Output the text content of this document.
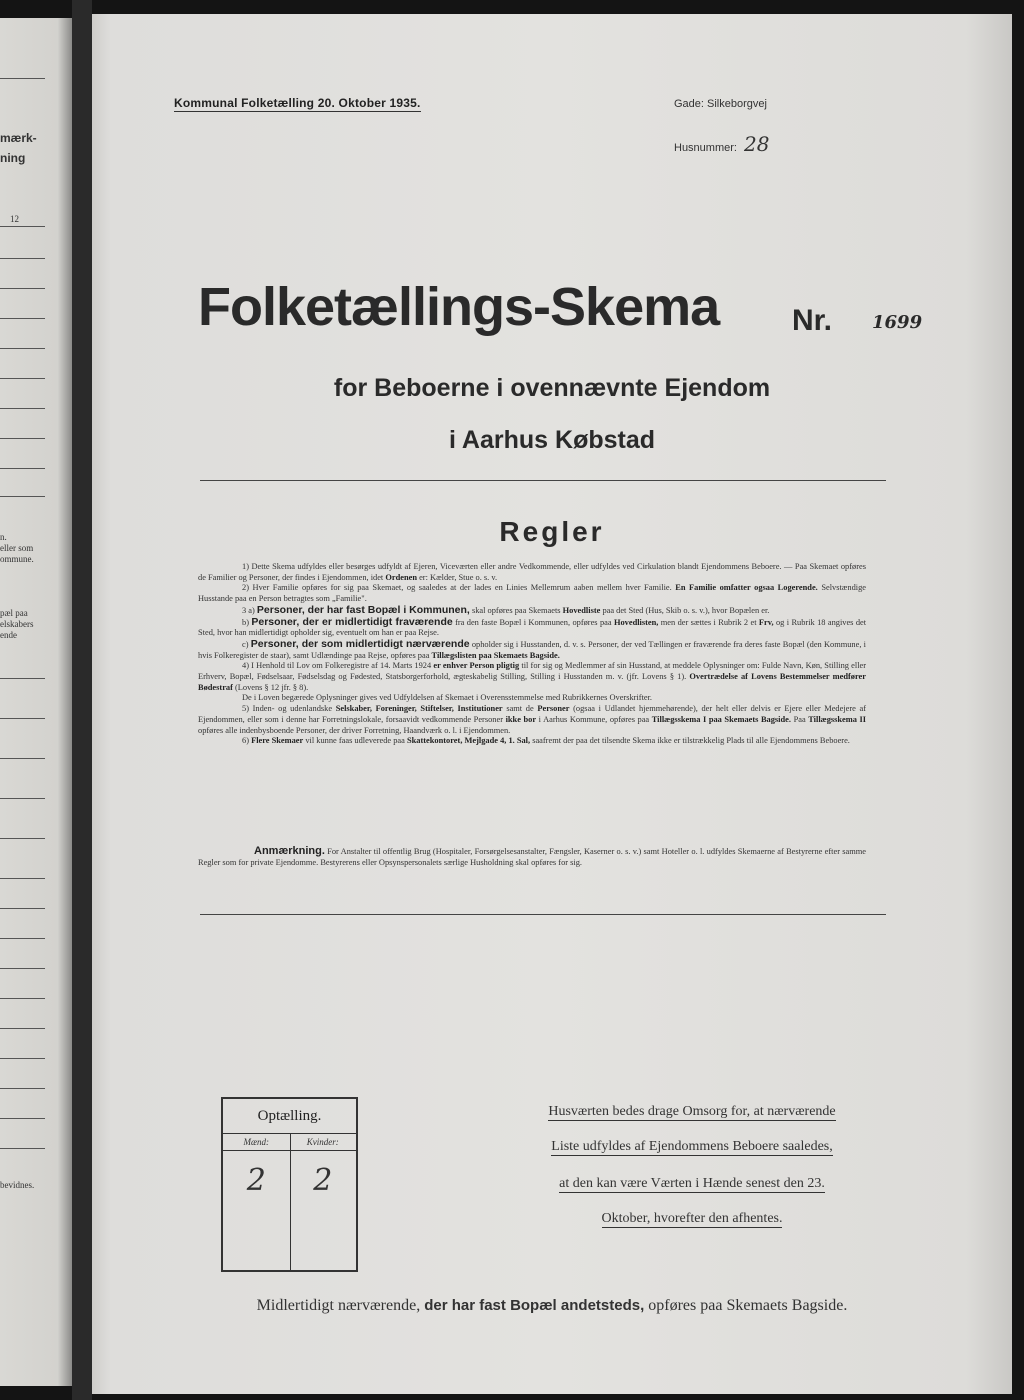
mærk-
ning
12
n.
eller som
ommune.
pæl paa
elskabers
ende
bevidnes.
Kommunal Folketælling 20. Oktober 1935.	Gade: Silkeborgvej
Husnummer: 28
Folketællings-Skema Nr. 1699
for Beboerne i ovennævnte Ejendom
i Aarhus Købstad
Regler

1) Dette Skema udfyldes eller besørges udfyldt af Ejeren, Viceværten eller andre Vedkommende, eller udfyldes ved Cirkulation blandt Ejendommens Beboere. — Paa Skemaet opføres de Familier og Personer, der findes i Ejendommen, idet Ordenen er: Kælder, Stue o. s. v.

2) Hver Familie opføres for sig paa Skemaet, og saaledes at der lades en Linies Mellemrum aaben mellem hver Familie. En Familie omfatter ogsaa Logerende. Selvstændige Husstande paa en Person betragtes som „Familie".

3 a) Personer, der har fast Bopæl i Kommunen, skal opføres paa Skemaets Hovedliste paa det Sted (Hus, Skib o. s. v.), hvor Bopælen er.

b) Personer, der er midlertidigt fraværende fra den faste Bopæl i Kommunen, opføres paa Hovedlisten, men der sættes i Rubrik 2 et Frv, og i Rubrik 18 angives det Sted, hvor han midlertidigt opholder sig, eventuelt om han er paa Rejse.

c) Personer, der som midlertidigt nærværende opholder sig i Husstanden, d. v. s. Personer, der ved Tællingen er fraværende fra deres faste Bopæl (den Kommune, i hvis Folkeregister de staar), samt Udlændinge paa Rejse, opføres paa Tillægslisten paa Skemaets Bagside.

4) I Henhold til Lov om Folkeregistre af 14. Marts 1924 er enhver Person pligtig til for sig og Medlemmer af sin Husstand, at meddele Oplysninger om: Fulde Navn, Køn, Stilling eller Erhverv, Bopæl, Fødselsaar, Fødselsdag og Fødested, Statsborgerforhold, ægteskabelig Stilling, Stilling i Husstanden m. v. (jfr. Lovens § 1). Overtrædelse af Lovens Bestemmelser medfører Bødestraf (Lovens § 12 jfr. § 8).

De i Loven begærede Oplysninger gives ved Udfyldelsen af Skemaet i Overensstemmelse med Rubrikkernes Overskrifter.

5) Inden- og udenlandske Selskaber, Foreninger, Stiftelser, Institutioner samt de Personer (ogsaa i Udlandet hjemmehørende), der helt eller delvis er Ejere eller Medejere af Ejendommen, eller som i denne har Forretningslokale, forsaavidt vedkommende Personer ikke bor i Aarhus Kommune, opføres paa Tillægsskema I paa Skemaets Bagside. Paa Tillægsskema II opføres alle indenbysboende Personer, der driver Forretning, Haandværk o. l. i Ejendommen.

6) Flere Skemaer vil kunne faas udleverede paa Skattekontoret, Mejlgade 4, 1. Sal, saafremt der paa det tilsendte Skema ikke er tilstrækkelig Plads til alle Ejendommens Beboere.

Anmærkning. For Anstalter til offentlig Brug (Hospitaler, Forsørgelsesanstalter, Fængsler, Kaserner o. s. v.) samt Hoteller o. l. udfyldes Skemaerne af Bestyrerne efter samme Regler som for private Ejendomme. Bestyrerens eller Opsynspersonalets særlige Husholdning skal opføres for sig.

Optælling.
Mænd:
2
Kvinder:
2
Husværten bedes drage Omsorg for, at nærværende
Liste udfyldes af Ejendommens Beboere saaledes,
at den kan være Værten i Hænde senest den 23.
Oktober, hvorefter den afhentes.
Midlertidigt nærværende, der har fast Bopæl andetsteds, opføres paa Skemaets Bagside.
